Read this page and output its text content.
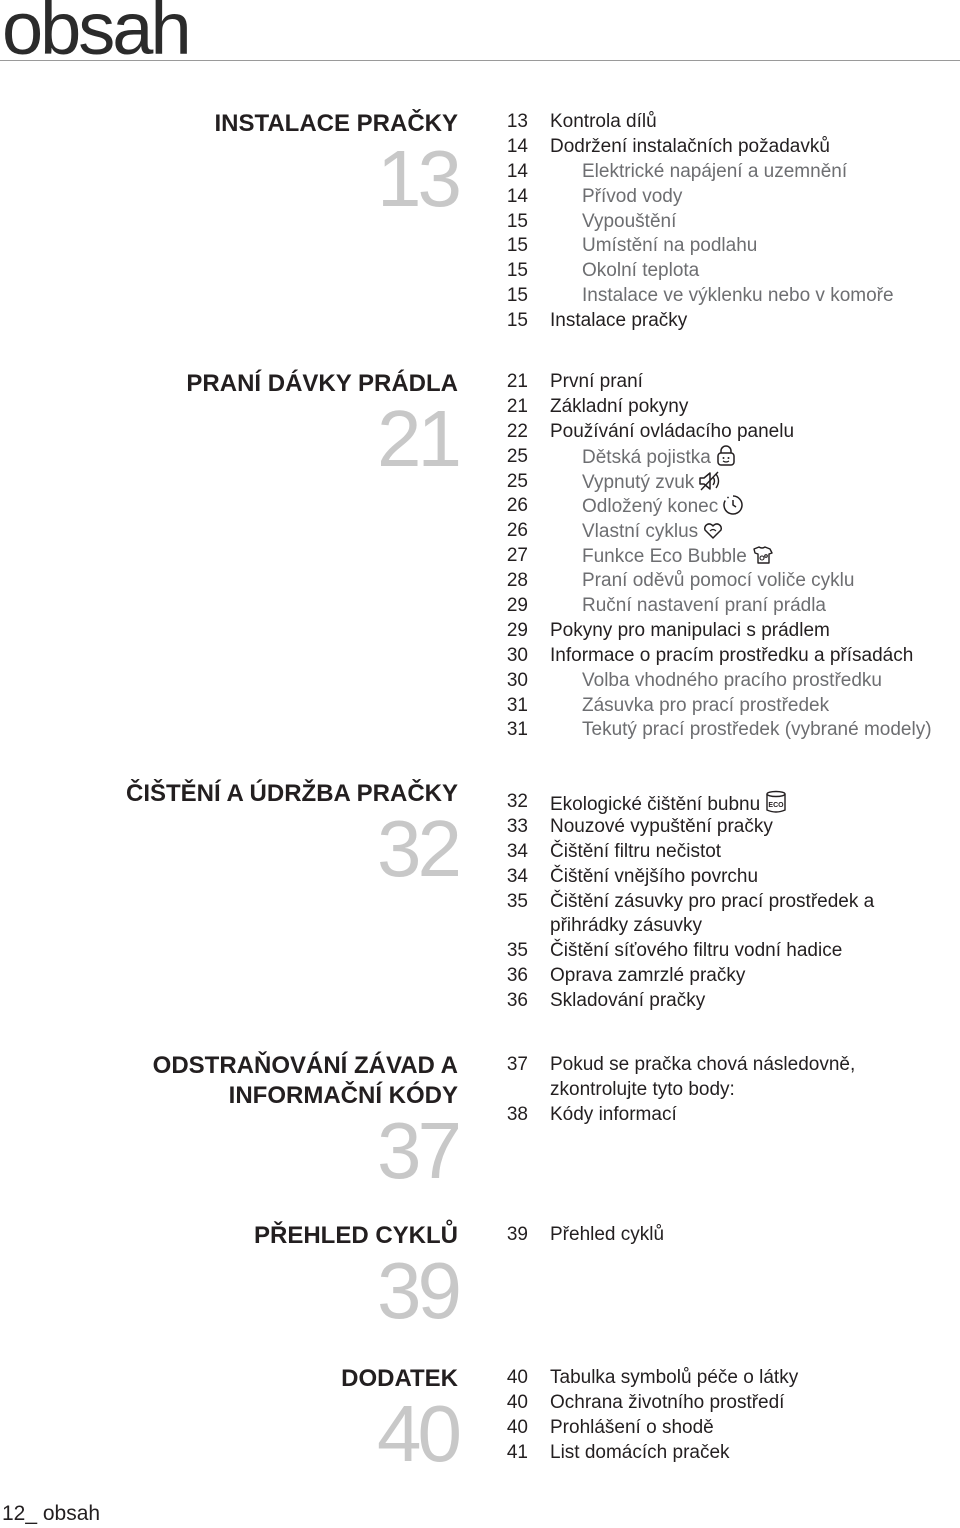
obsah
INSTALACE PRAČKY
13
13 Kontrola dílů
14 Dodržení instalačních požadavků
14	Elektrické napájení a uzemnění
14	Přívod vody
15	Vypouštění
15	Umístění na podlahu
15	Okolní teplota
15	Instalace ve výklenku nebo v komoře
15 Instalace pračky
PRANÍ DÁVKY PRÁDLA
21
21 První praní
21 Základní pokyny
22 Používání ovládacího panelu
25	Dětská pojistka
25	Vypnutý zvuk
26	Odložený konec
26	Vlastní cyklus
27	Funkce Eco Bubble
28	Praní oděvů pomocí voliče cyklu
29	Ruční nastavení praní prádla
29 Pokyny pro manipulaci s prádlem
30 Informace o pracím prostředku a přísadách
30	Volba vhodného pracího prostředku
31	Zásuvka pro prací prostředek
31	Tekutý prací prostředek (vybrané modely)
ČIŠTĚNÍ A ÚDRŽBA PRAČKY
32
32 Ekologické čištění bubnu ECO
33 Nouzové vypuštění pračky
34 Čištění filtru nečistot
34 Čištění vnějšího povrchu
35 Čištění zásuvky pro prací prostředek a přihrádky zásuvky
35 Čištění síťového filtru vodní hadice
36 Oprava zamrzlé pračky
36 Skladování pračky
ODSTRAŇOVÁNÍ ZÁVAD A
INFORMAČNÍ KÓDY
37
37 Pokud se pračka chová následovně, zkontrolujte tyto body:
38 Kódy informací
PŘEHLED CYKLŮ
39
39 Přehled cyklů
DODATEK
40
40 Tabulka symbolů péče o látky
40 Ochrana životního prostředí
40 Prohlášení o shodě
41 List domácích praček
12_ obsah
